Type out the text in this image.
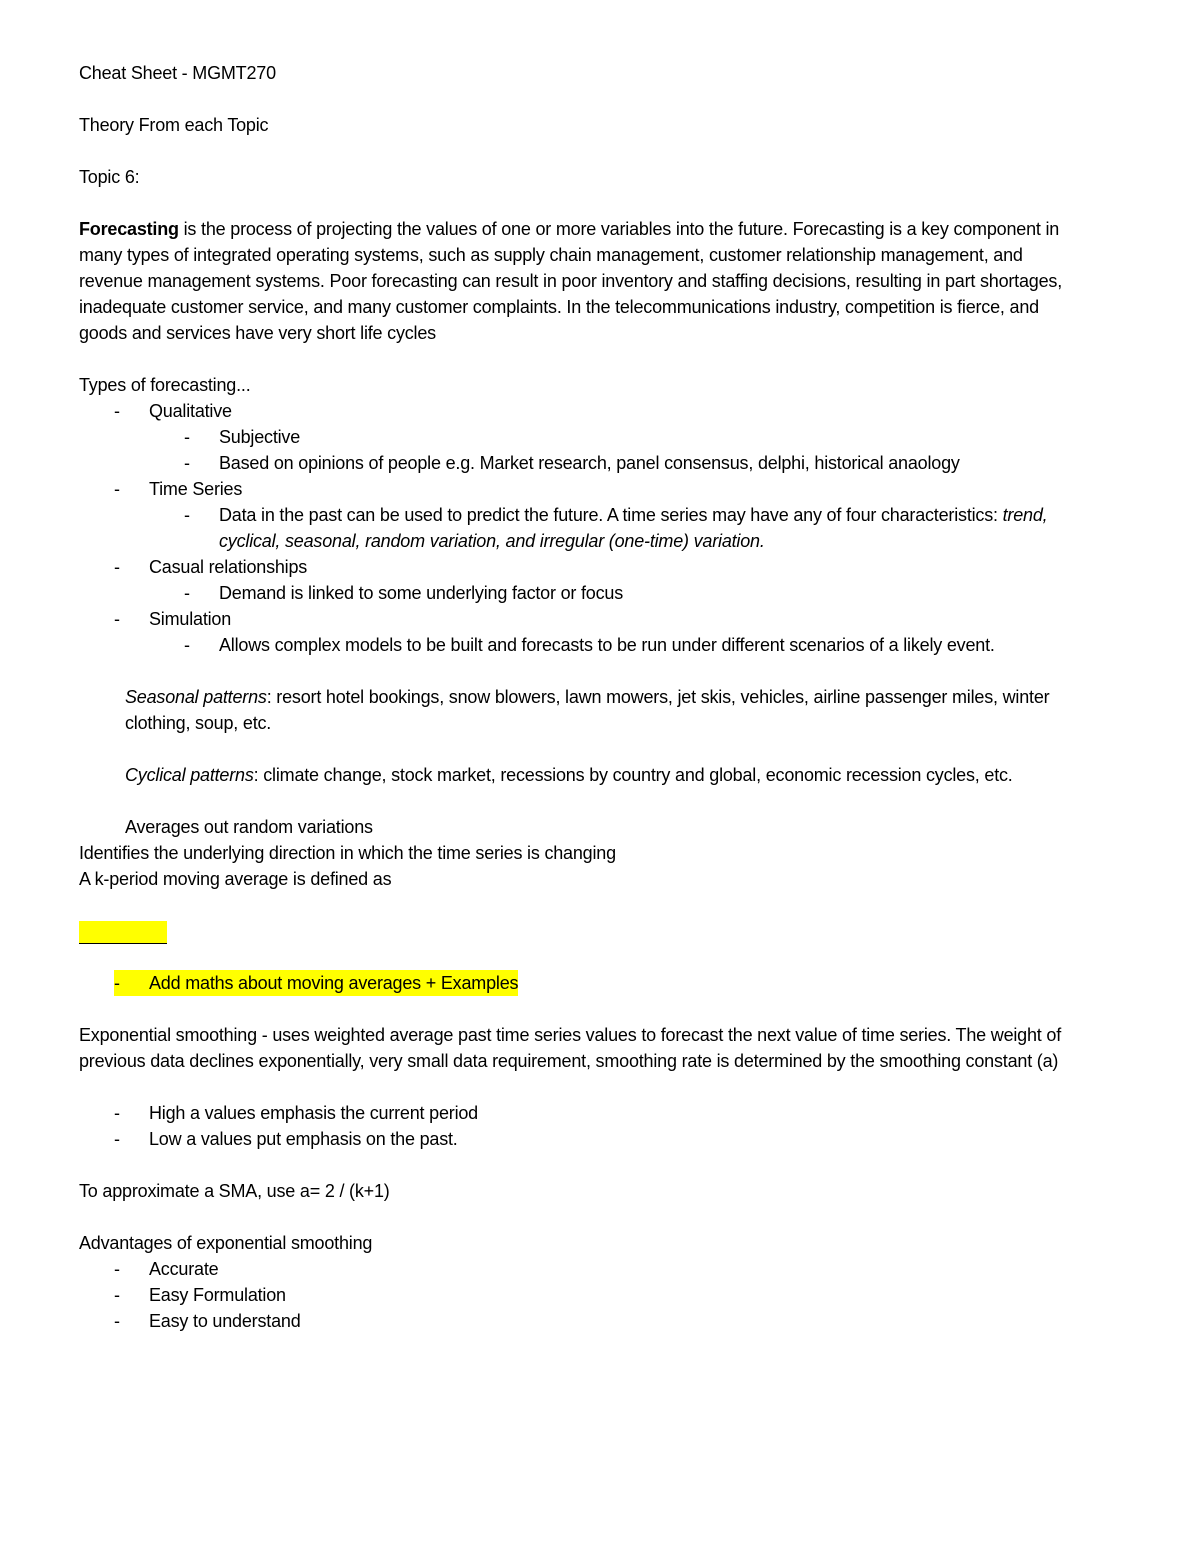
Cheat Sheet - MGMT270

Theory From each Topic

Topic 6:

Forecasting is the process of projecting the values of one or more variables into the future. Forecasting is a key component in many types of integrated operating systems, such as supply chain management, customer relationship management, and revenue management systems. Poor forecasting can result in poor inventory and staffing decisions, resulting in part shortages, inadequate customer service, and many customer complaints. In the telecommunications industry, competition is fierce, and goods and services have very short life cycles

Types of forecasting...

- Qualitative
- Subjective
- Based on opinions of people e.g. Market research, panel consensus, delphi, historical anaology
- Time Series
- Data in the past can be used to predict the future. A time series may have any of four characteristics: trend, cyclical, seasonal, random variation, and irregular (one-time) variation.
- Casual relationships
- Demand is linked to some underlying factor or focus
- Simulation
- Allows complex models to be built and forecasts to be run under different scenarios of a likely event.

Seasonal patterns: resort hotel bookings, snow blowers, lawn mowers, jet skis, vehicles, airline passenger miles, winter clothing, soup, etc.

Cyclical patterns: climate change, stock market, recessions by country and global, economic recession cycles, etc.

Averages out random variations

Identifies the underlying direction in which the time series is changing

A k-period moving average is defined as

- Add maths about moving averages + Examples

Exponential smoothing - uses weighted average past time series values to forecast the next value of time series. The weight of previous data declines exponentially, very small data requirement, smoothing rate is determined by the smoothing constant (a)

- High a values emphasis the current period
- Low a values put emphasis on the past.

To approximate a SMA, use a= 2 / (k+1)

Advantages of exponential smoothing

- Accurate
- Easy Formulation
- Easy to understand
